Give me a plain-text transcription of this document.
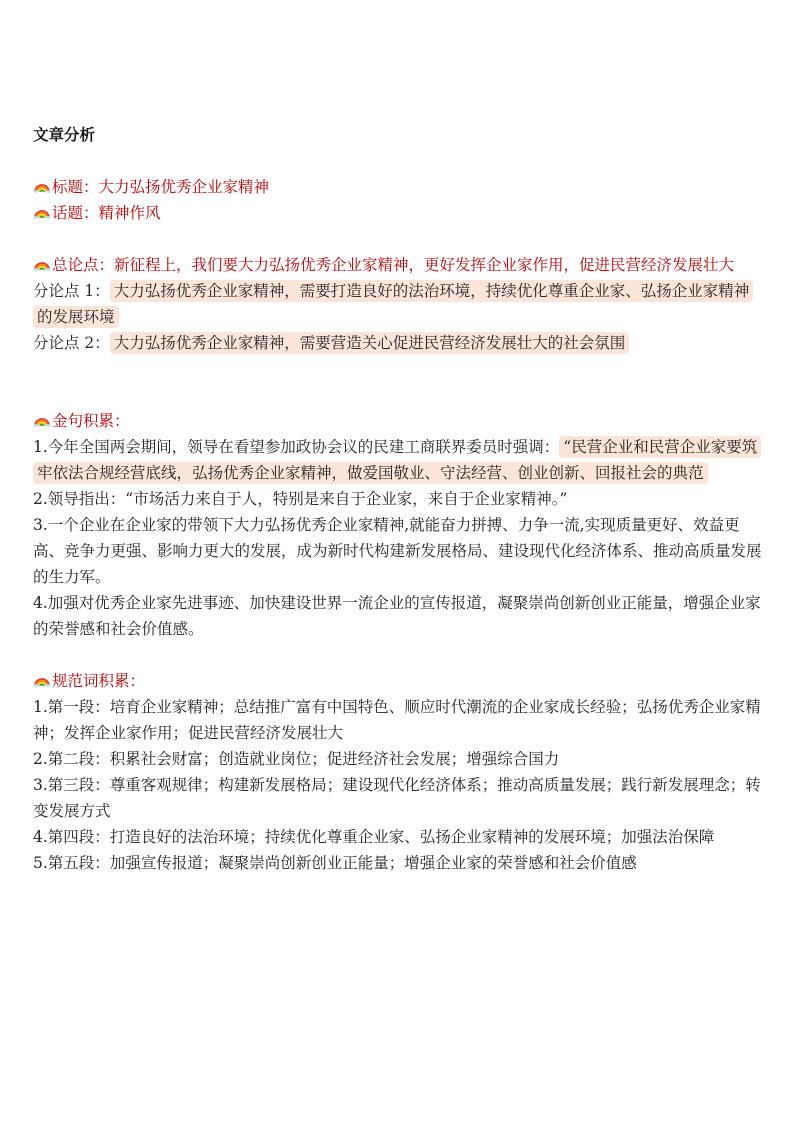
文章分析
标题：大力弘扬优秀企业家精神
话题：精神作风
总论点：新征程上，我们要大力弘扬优秀企业家精神，更好发挥企业家作用，促进民营经济发展壮大
分论点 1： 大力弘扬优秀企业家精神，需要打造良好的法治环境，持续优化尊重企业家、弘扬企业家精神的发展环境
分论点 2： 大力弘扬优秀企业家精神，需要营造关心促进民营经济发展壮大的社会氛围
金句积累：
1.今年全国两会期间，领导在看望参加政协会议的民建工商联界委员时强调： “民营企业和民营企业家要筑牢依法合规经营底线，弘扬优秀企业家精神，做爱国敬业、守法经营、创业创新、回报社会的典范
2.领导指出：“市场活力来自于人，特别是来自于企业家，来自于企业家精神。”
3.一个企业在企业家的带领下大力弘扬优秀企业家精神,就能奋力拼搏、力争一流,实现质量更好、效益更高、竞争力更强、影响力更大的发展，成为新时代构建新发展格局、建设现代化经济体系、推动高质量发展的生力军。
4.加强对优秀企业家先进事迹、加快建设世界一流企业的宣传报道，凝聚崇尚创新创业正能量，增强企业家的荣誉感和社会价值感。
规范词积累：
1.第一段：培育企业家精神；总结推广富有中国特色、顺应时代潮流的企业家成长经验；弘扬优秀企业家精神；发挥企业家作用；促进民营经济发展壮大
2.第二段：积累社会财富；创造就业岗位；促进经济社会发展；增强综合国力
3.第三段：尊重客观规律；构建新发展格局；建设现代化经济体系；推动高质量发展；践行新发展理念；转变发展方式
4.第四段：打造良好的法治环境；持续优化尊重企业家、弘扬企业家精神的发展环境；加强法治保障
5.第五段：加强宣传报道；凝聚崇尚创新创业正能量；增强企业家的荣誉感和社会价值感
